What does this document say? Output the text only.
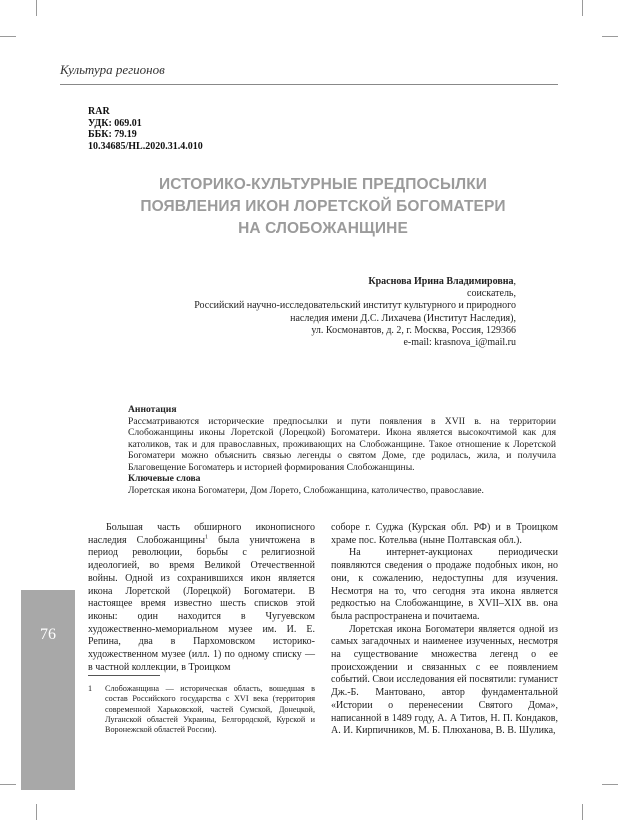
Культура регионов
RAR
УДК: 069.01
ББК: 79.19
10.34685/HL.2020.31.4.010
ИСТОРИКО-КУЛЬТУРНЫЕ ПРЕДПОСЫЛКИ
ПОЯВЛЕНИЯ ИКОН ЛОРЕТСКОЙ БОГОМАТЕРИ
НА СЛОБОЖАНЩИНЕ
Краснова Ирина Владимировна,
соискатель,
Российский научно-исследовательский институт культурного и природного
наследия имени Д.С. Лихачева (Институт Наследия),
ул. Космонавтов, д. 2, г. Москва, Россия, 129366
e-mail: krasnova_i@mail.ru
Аннотация

Рассматриваются исторические предпосылки и пути появления в XVII в. на территории Слобожанщины иконы Лоретской (Лорецкой) Богоматери. Икона является высокочтимой как для католиков, так и для православных, проживающих на Слобожанщине. Такое отношение к Лоретской Богоматери можно объяснить связью легенды о святом Доме, где родилась, жила, и получила Благовещение Богоматерь и историей формирования Слобожанщины.

Ключевые слова

Лоретская икона Богоматери, Дом Лорето, Слобожанщина, католичество, православие.

Большая часть обширного иконописного наследия Слобожанщины$^1$ была уничтожена в период революции, борьбы с религиозной идеологией, во время Великой Отечественной войны. Одной из сохранившихся икон является икона Лоретской (Лорецкой) Богоматери. В настоящее время известно шесть списков этой иконы: один находится в Чугуевском художественно-мемориальном музее им. И. Е. Репина, два в Пархомовском историко-художественном музее (илл. 1) по одному списку — в частной коллекции, в Троицком

соборе г. Суджа (Курская обл. РФ) и в Троицком храме пос. Котельва (ныне Полтавская обл.).

На интернет-аукционах периодически появляются сведения о продаже подобных икон, но они, к сожалению, недоступны для изучения. Несмотря на то, что сегодня эта икона является редкостью на Слобожанщине, в XVII–XIX вв. она была распространена и почитаема.

Лоретская икона Богоматери является одной из самых загадочных и наименее изученных, несмотря на существование множества легенд о ее происхождении и связанных с ее появлением событий. Свои исследования ей посвятили: гуманист Дж.-Б. Мантовано, автор фундаментальной «Истории о перенесении Святого Дома», написанной в 1489 году, А. А Титов, Н. П. Кондаков, А. И. Кирпичников, М. Б. Плюханова, В. В. Шулика,

1 Слобожанщина — историческая область, вошедшая в состав Российского государства с XVI века (территория современной Харьковской, частей Сумской, Донецкой, Луганской областей Украины, Белгородской, Курской и Воронежской областей России).
76
